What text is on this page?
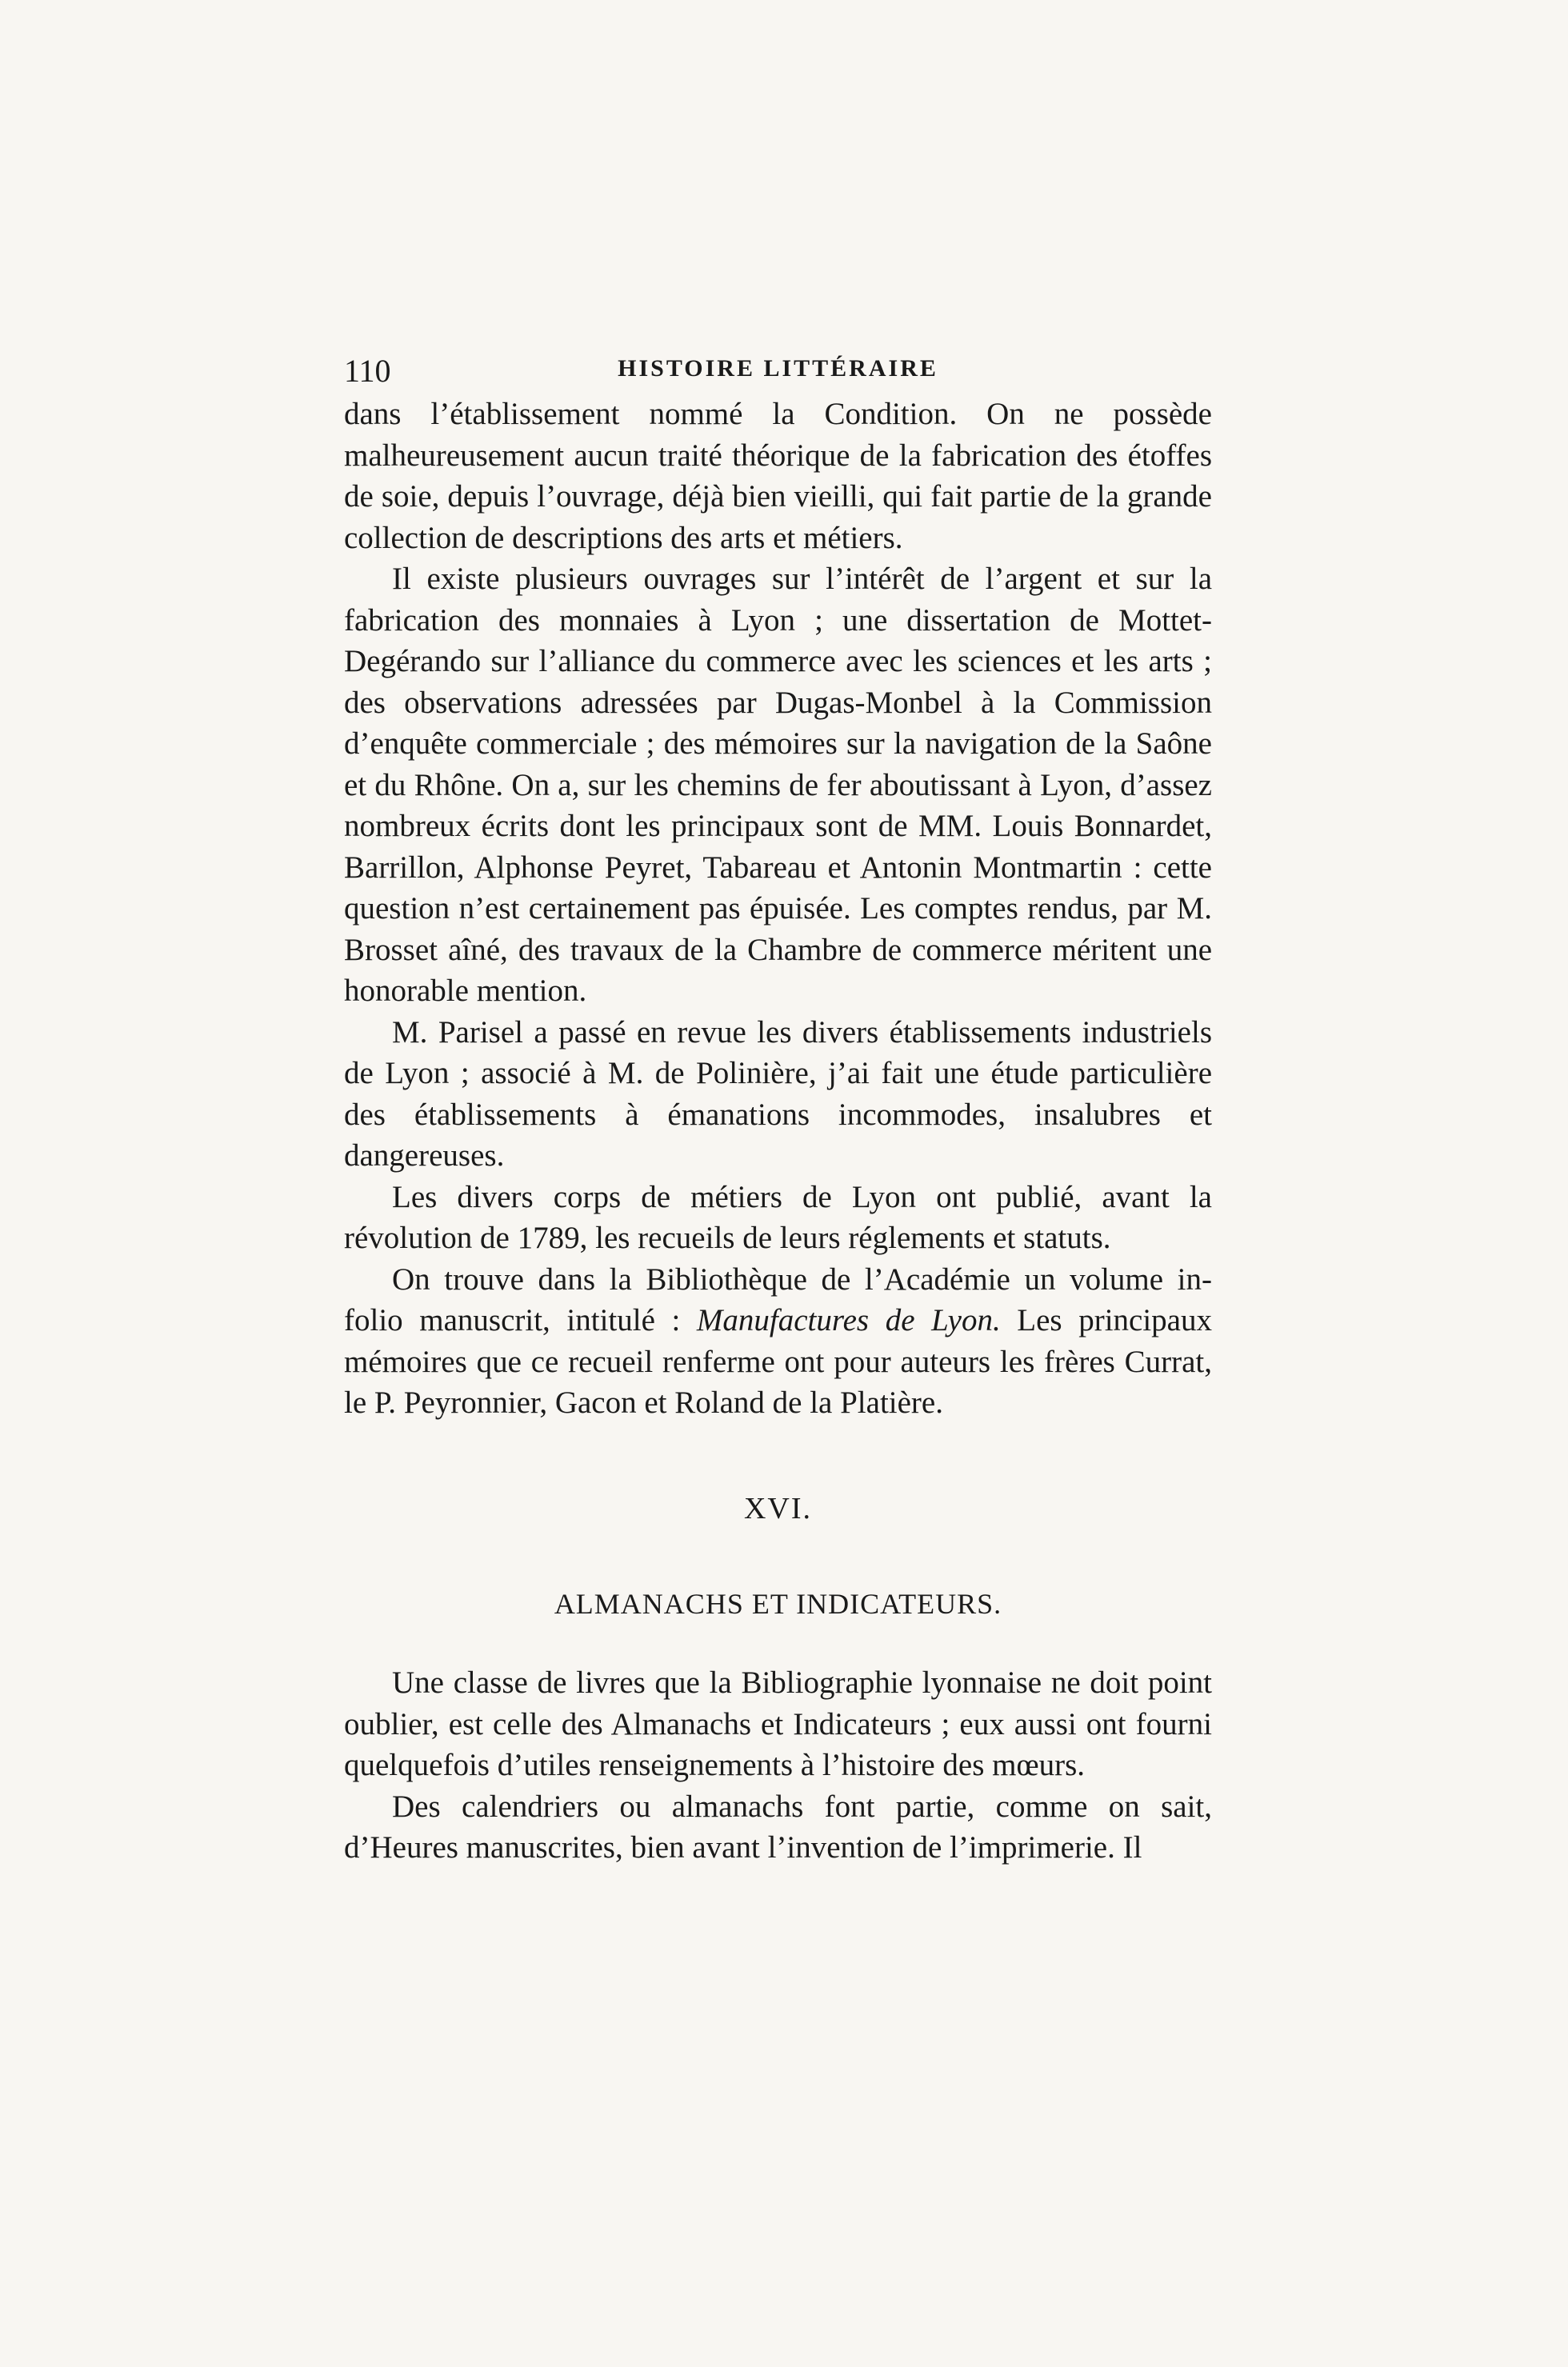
110	HISTOIRE LITTÉRAIRE

dans l’établissement nommé la Condition. On ne possède malheureusement aucun traité théorique de la fabrication des étoffes de soie, depuis l’ouvrage, déjà bien vieilli, qui fait partie de la grande collection de descriptions des arts et métiers.

Il existe plusieurs ouvrages sur l’intérêt de l’argent et sur la fabrication des monnaies à Lyon ; une dissertation de Mottet-Degérando sur l’alliance du commerce avec les sciences et les arts ; des observations adressées par Dugas-Monbel à la Commission d’enquête commerciale ; des mémoires sur la navigation de la Saône et du Rhône. On a, sur les chemins de fer aboutissant à Lyon, d’assez nombreux écrits dont les principaux sont de MM. Louis Bonnardet, Barrillon, Alphonse Peyret, Tabareau et Antonin Montmartin : cette question n’est certainement pas épuisée. Les comptes rendus, par M. Brosset aîné, des travaux de la Chambre de commerce méritent une honorable mention.

M. Parisel a passé en revue les divers établissements industriels de Lyon ; associé à M. de Polinière, j’ai fait une étude particulière des établissements à émanations incommodes, insalubres et dangereuses.

Les divers corps de métiers de Lyon ont publié, avant la révolution de 1789, les recueils de leurs réglements et statuts.

On trouve dans la Bibliothèque de l’Académie un volume in-folio manuscrit, intitulé : Manufactures de Lyon. Les principaux mémoires que ce recueil renferme ont pour auteurs les frères Currat, le P. Peyronnier, Gacon et Roland de la Platière.

XVI.
ALMANACHS ET INDICATEURS.

Une classe de livres que la Bibliographie lyonnaise ne doit point oublier, est celle des Almanachs et Indicateurs ; eux aussi ont fourni quelquefois d’utiles renseignements à l’histoire des mœurs.

Des calendriers ou almanachs font partie, comme on sait, d’Heures manuscrites, bien avant l’invention de l’imprimerie. Il
